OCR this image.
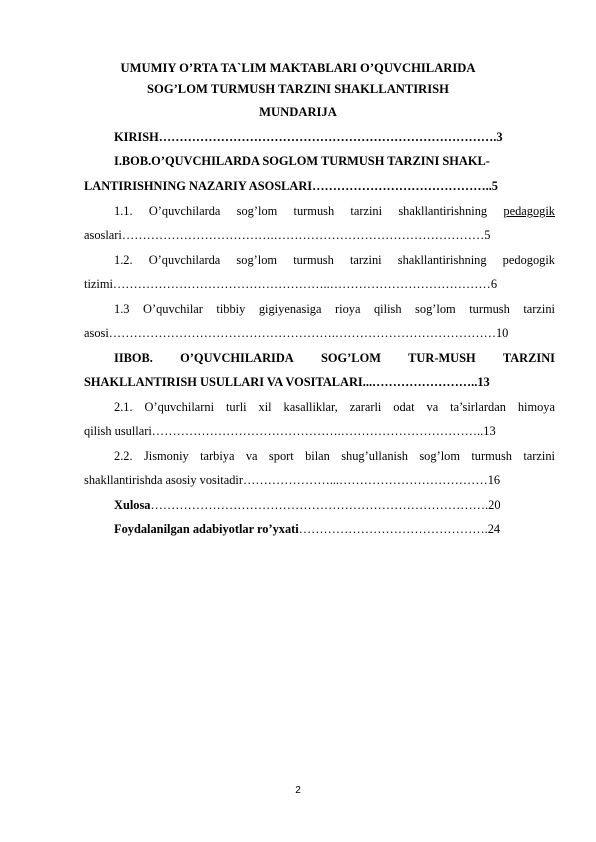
UMUMIY O’RTA TA`LIM MAKTABLARI O’QUVCHILARIDA
SOG’LOM TURMUSH TARZINI SHAKLLANTIRISH
MUNDARIJA
KIRISH……………………………………………………………………….3
I.BOB.O’QUVCHILARDA SOGLOM TURMUSH TARZINI SHAKL-
LANTIRISHNING NAZARIY ASOSLARI……………………………………..5
1.1. O’quvchilarda sog’lom turmush tarzini shakllantirishning pedagogik
asoslari……………………………….……………………………………………5
1.2. O’quvchilarda sog’lom turmush tarzini shakllantirishning pedogogik
tizimi……………………………………………..…………………………………6
1.3 O’quvchilar tibbiy gigiyenasiga rioya qilish sog’lom turmush tarzini
asosi……………………………………………….…………………………………10
IIBOB. O’QUVCHILARIDA SOG’LOM TUR-MUSH TARZINI
SHAKLLANTIRISH USULLARI VA VOSITALARI...……………………..13
2.1. O’quvchilarni turli xil kasalliklar, zararli odat va ta’sirlardan himoya
qilish usullari……………………………………….……………………………..13
2.2. Jismoniy tarbiya va sport bilan shug’ullanish sog’lom turmush tarzini
shakllantirishda asosiy vositadir…………………...………………………………16
Xulosa……………………………………………………………………….20
Foydalanilgan adabiyotlar ro’yxati……………………………………….24
2
